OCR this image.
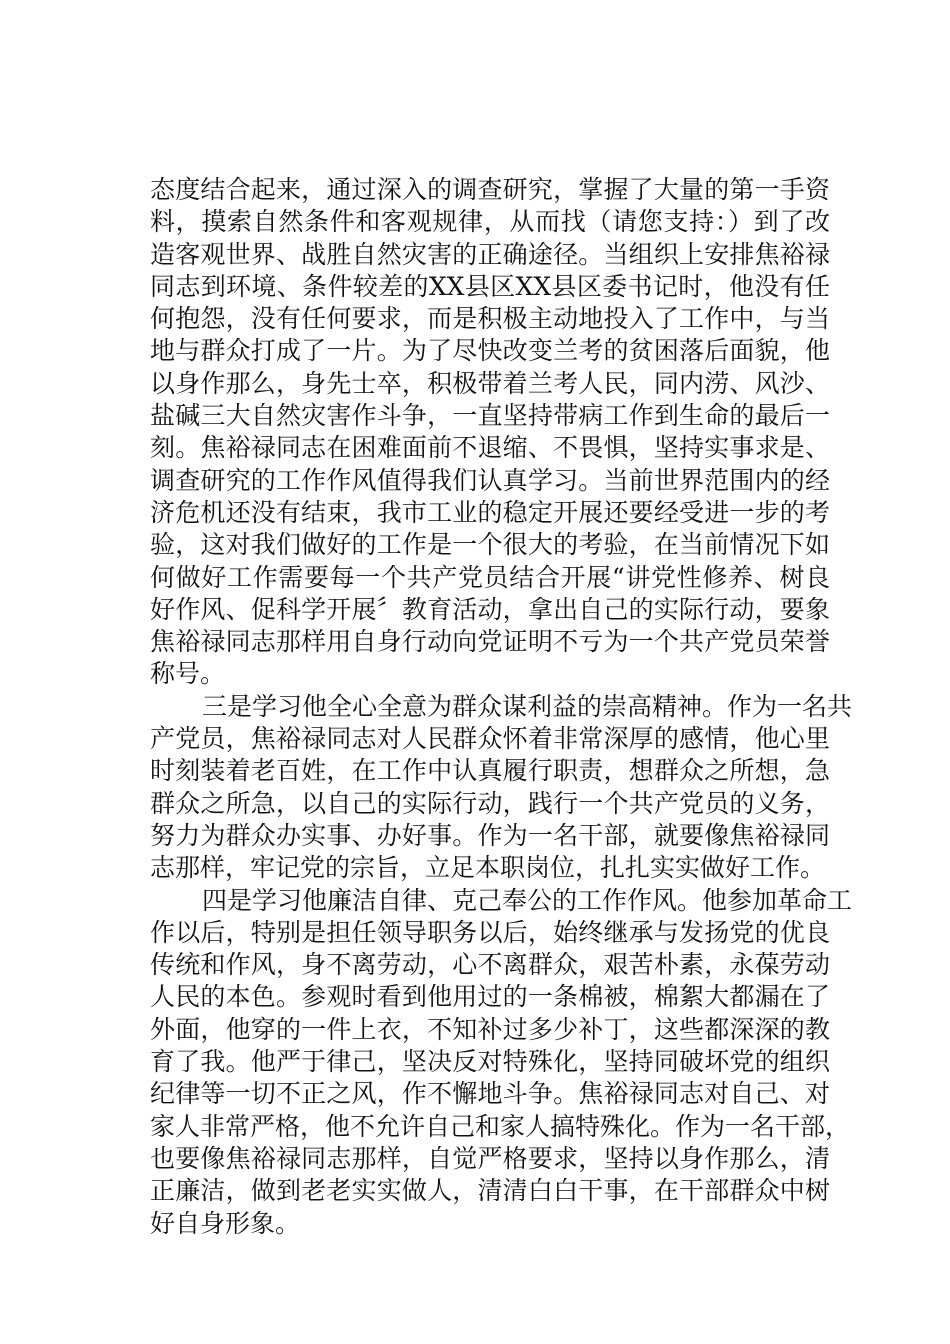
态度结合起来，通过深入的调查研究，掌握了大量的第一手资
料，摸索自然条件和客观规律，从而找（请您支持：）到了改
造客观世界、战胜自然灾害的正确途径。当组织上安排焦裕禄
同志到环境、条件较差的XX县区XX县区委书记时，他没有任
何抱怨，没有任何要求，而是积极主动地投入了工作中，与当
地与群众打成了一片。为了尽快改变兰考的贫困落后面貌，他
以身作那么，身先士卒，积极带着兰考人民，同内涝、风沙、
盐碱三大自然灾害作斗争，一直坚持带病工作到生命的最后一
刻。焦裕禄同志在困难面前不退缩、不畏惧，坚持实事求是、
调查研究的工作作风值得我们认真学习。当前世界范围内的经
济危机还没有结束，我市工业的稳定开展还要经受进一步的考
验，这对我们做好的工作是一个很大的考验，在当前情况下如
何做好工作需要每一个共产党员结合开展“讲党性修养、树良
好作风、促科学开展〞教育活动，拿出自己的实际行动，要象
焦裕禄同志那样用自身行动向党证明不亏为一个共产党员荣誉
称号。
三是学习他全心全意为群众谋利益的崇高精神。作为一名共
产党员，焦裕禄同志对人民群众怀着非常深厚的感情，他心里
时刻装着老百姓，在工作中认真履行职责，想群众之所想，急
群众之所急，以自己的实际行动，践行一个共产党员的义务，
努力为群众办实事、办好事。作为一名干部，就要像焦裕禄同
志那样，牢记党的宗旨，立足本职岗位，扎扎实实做好工作。
四是学习他廉洁自律、克己奉公的工作作风。他参加革命工
作以后，特别是担任领导职务以后，始终继承与发扬党的优良
传统和作风，身不离劳动，心不离群众，艰苦朴素，永葆劳动
人民的本色。参观时看到他用过的一条棉被，棉絮大都漏在了
外面，他穿的一件上衣，不知补过多少补丁，这些都深深的教
育了我。他严于律己，坚决反对特殊化，坚持同破坏党的组织
纪律等一切不正之风，作不懈地斗争。焦裕禄同志对自己、对
家人非常严格，他不允许自己和家人搞特殊化。作为一名干部，
也要像焦裕禄同志那样，自觉严格要求，坚持以身作那么，清
正廉洁，做到老老实实做人，清清白白干事，在干部群众中树
好自身形象。
